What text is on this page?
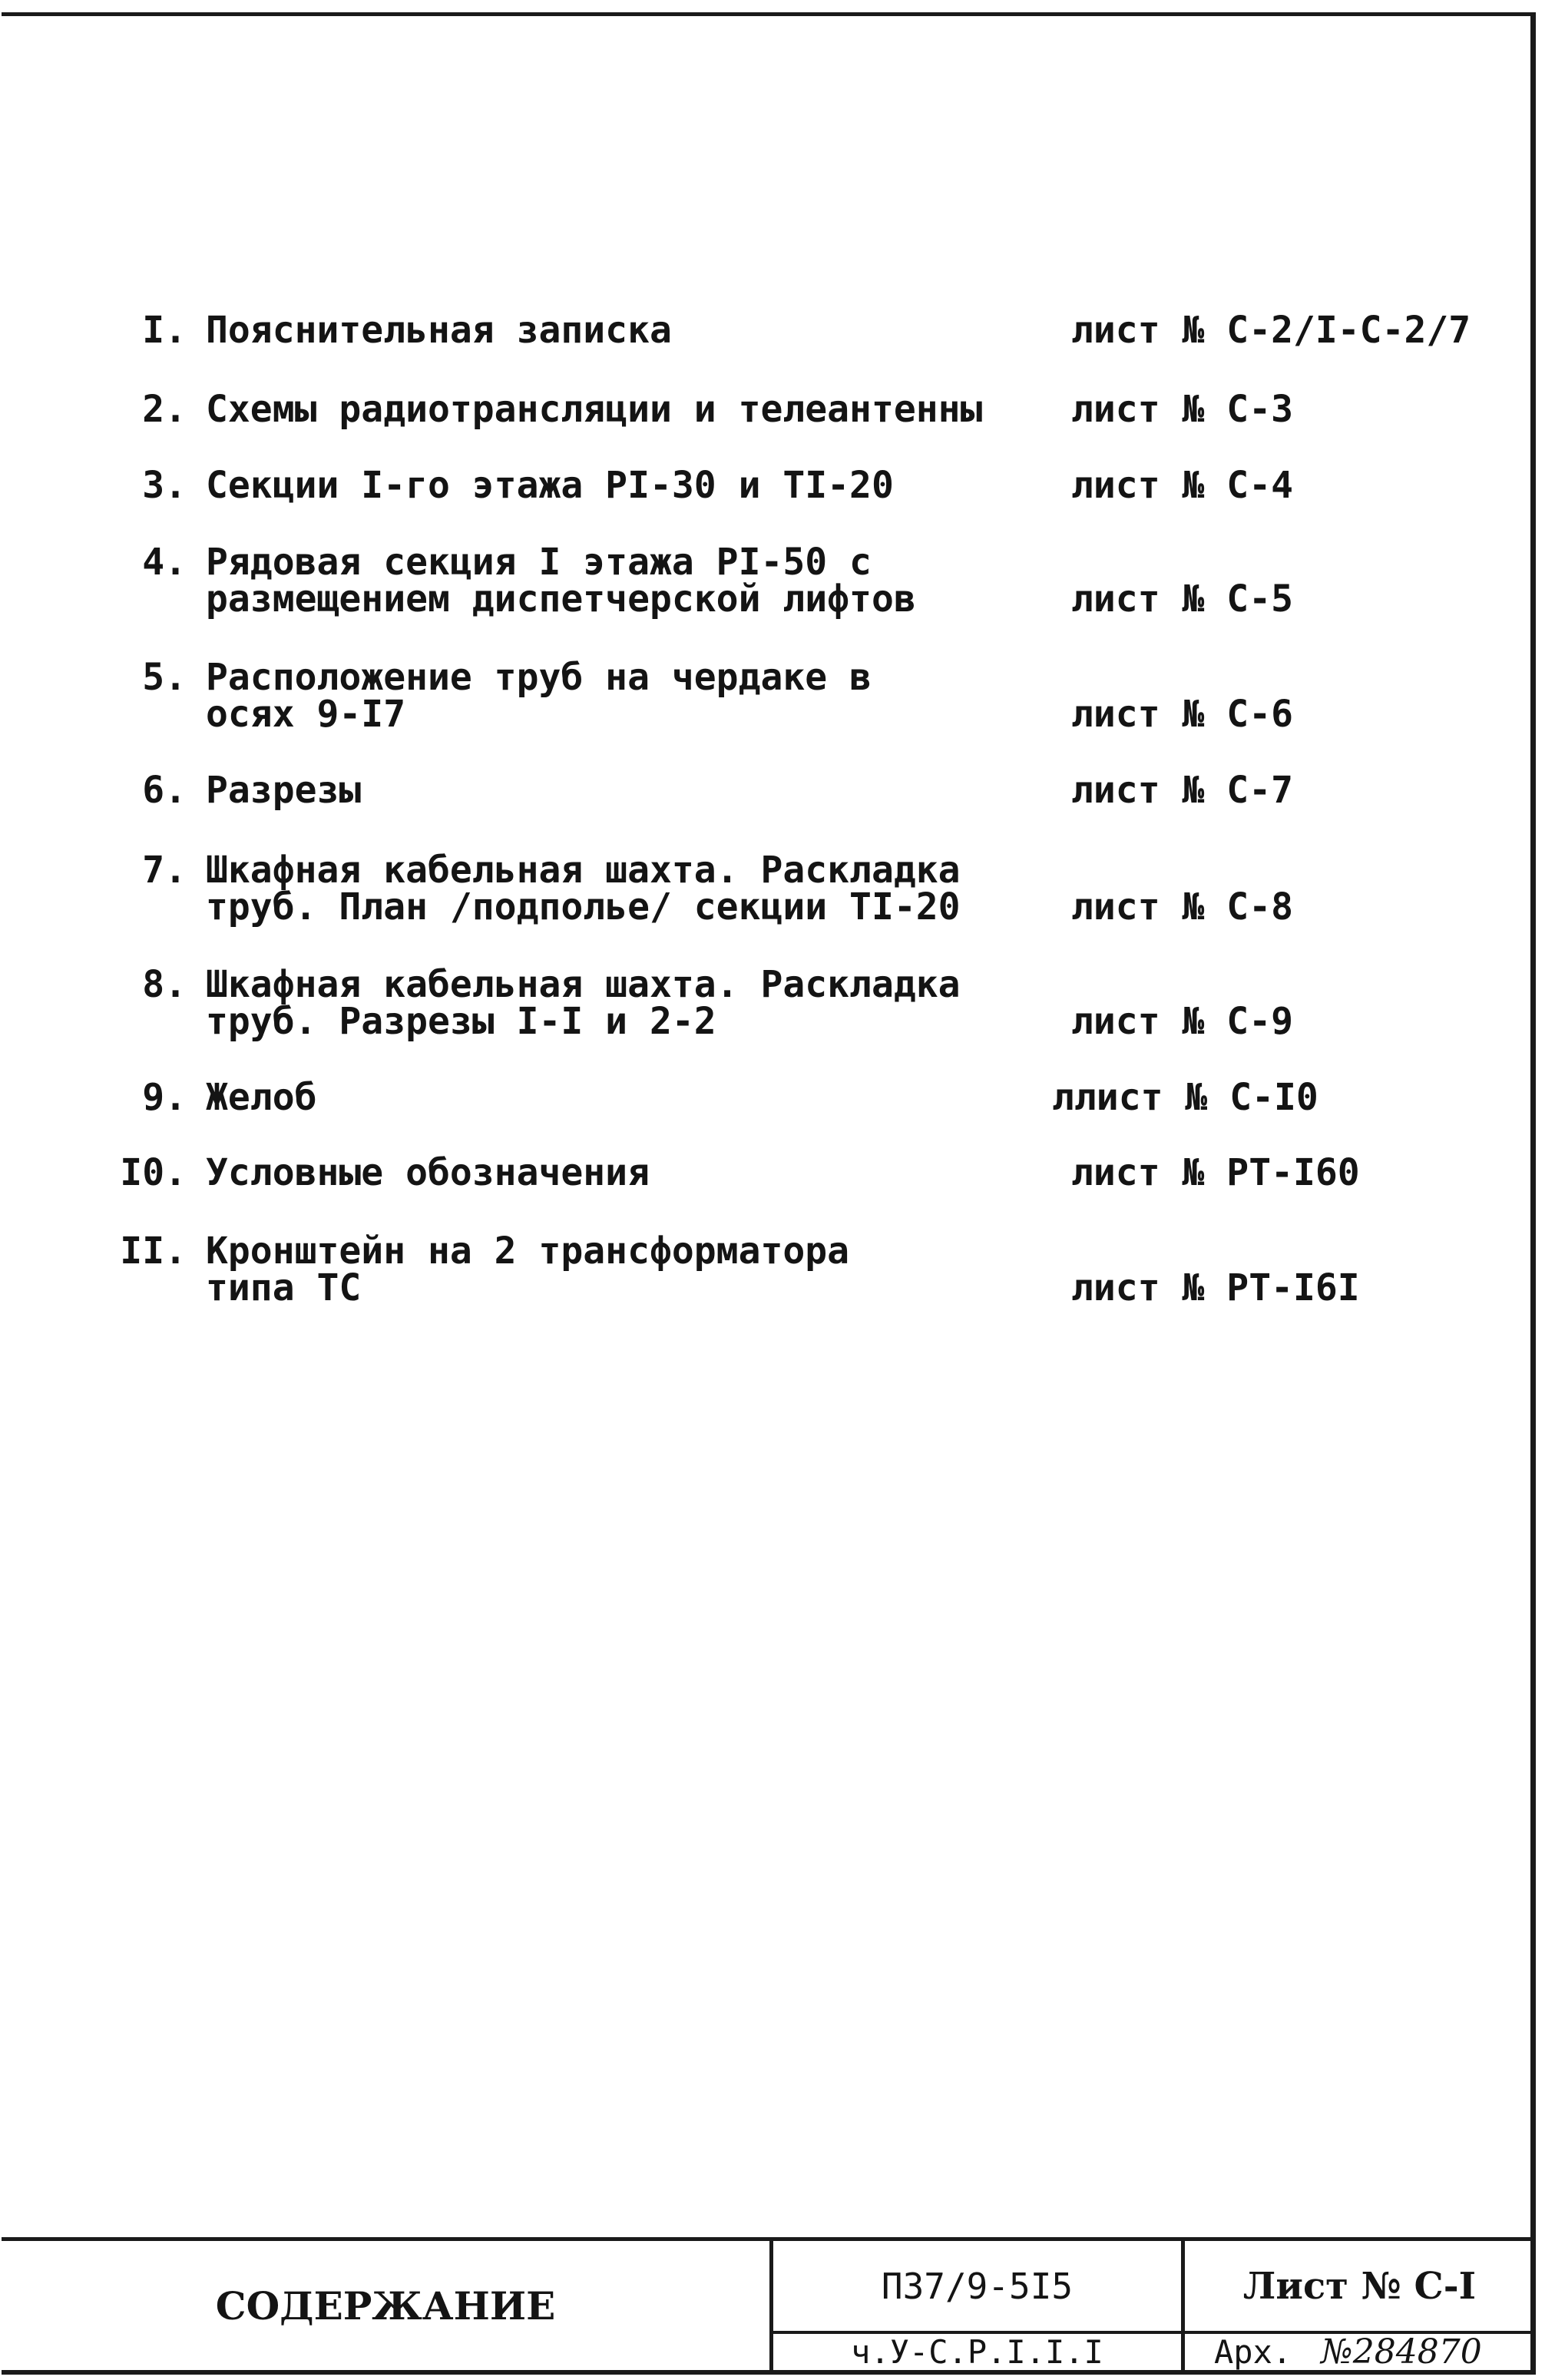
I. Пояснительная записка	лист № С-2/I-С-2/7
2. Схемы радиотрансляции и телеантенны лист № С-3
3. Секции I-го этажа PI-30 и TI-20	лист № С-4
4. Рядовая секция I этажа PI-50 с
размещением диспетчерской лифтов	лист № С-5
5. Расположение труб на чердаке в
осях 9-I7	лист № С-6
6. Разрезы	лист № С-7
7. Шкафная кабельная шахта. Раскладка
труб. План /подполье/ секции TI-20	лист № С-8
8. Шкафная кабельная шахта. Раскладка
труб. Разрезы I-I и 2-2	лист № С-9
9. Желоб	ллист № С-I0
I0. Условные обозначения	лист № PT-I60
II. Кронштейн на 2 трансформатора
типа ТС	лист № PT-I6I
СОДЕРЖАНИЕ	П37/9-5I5
ч.У-С.Р.I.I.I
Лист № С-I
Арх. №284870
